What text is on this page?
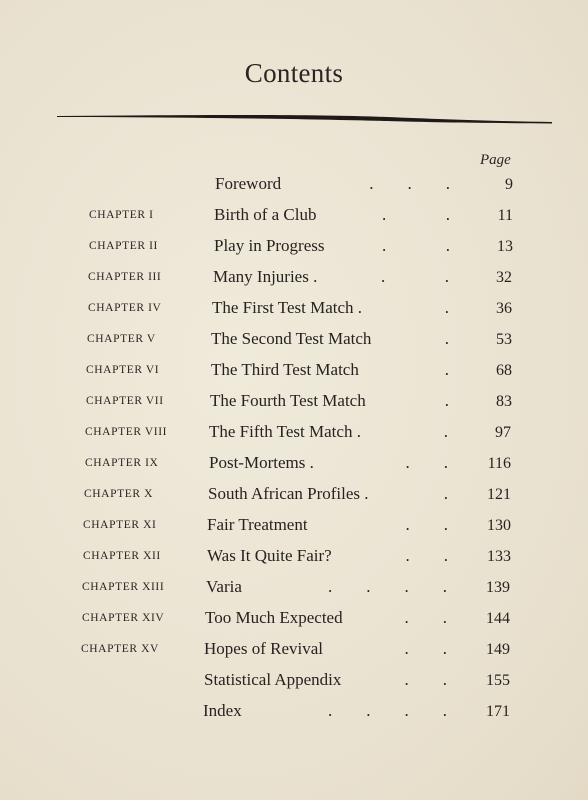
Contents
Page
Foreword	.        .        .	9
CHAPTER I	Birth of a Club	.              .	11
CHAPTER II	Play in Progress	.              .	13
CHAPTER III	Many Injuries .	.              .	32
CHAPTER IV	The First Test Match .	.	36
CHAPTER V	The Second Test Match	.	53
CHAPTER VI	The Third Test Match	.	68
CHAPTER VII	The Fourth Test Match	.	83
CHAPTER VIII The Fifth Test Match .	.	97
CHAPTER IX	Post-Mortems .	.        .	116
CHAPTER X	South African Profiles .	.	121
CHAPTER XI	Fair Treatment	.        .	130
CHAPTER XII	Was It Quite Fair?	.        .	133
CHAPTER XIII Varia	.        .        .        .	139
CHAPTER XIV Too Much Expected	.        .	144
CHAPTER XV	Hopes of Revival	.        .	149
Statistical Appendix	.        .	155
Index	.        .        .        .	171
